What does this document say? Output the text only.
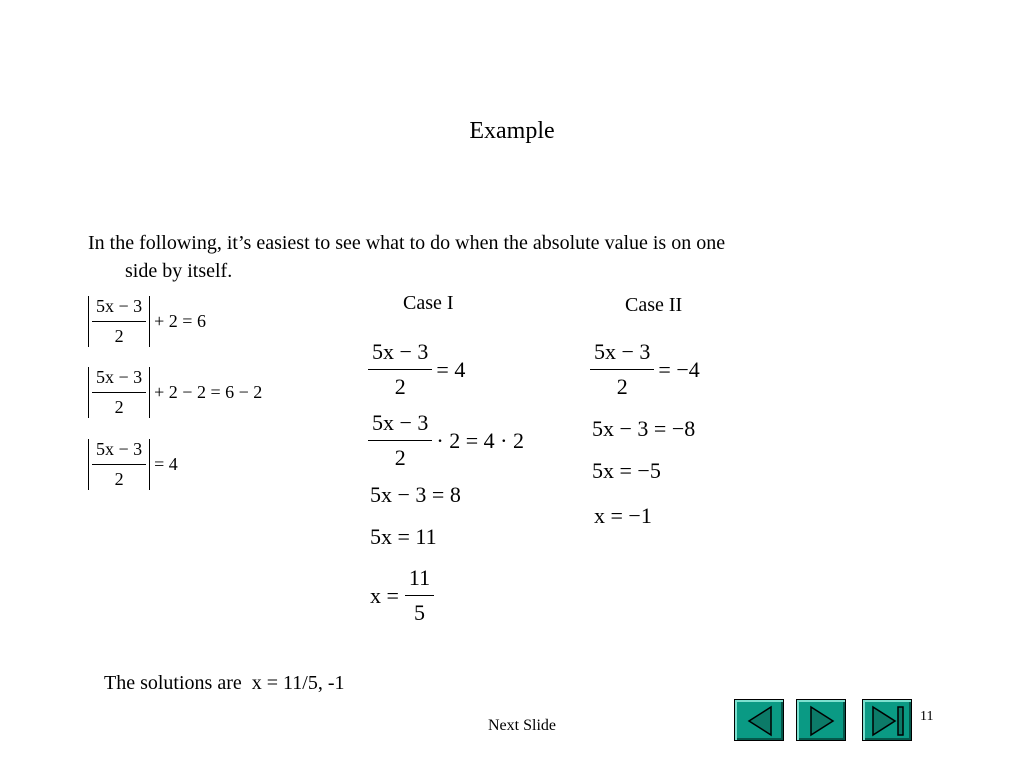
Example
In the following, it’s easiest to see what to do when the absolute value is on one
side by itself.
$\frac{5x - 3}{2} + 2 = 6$
$\frac{5x - 3}{2} + 2 - 2 = 6 - 2$
$\frac{5x - 3}{2} = 4$
Case I
$\frac{5x - 3}{2} = 4$
$\frac{5x - 3}{2} \cdot 2 = 4 \cdot 2$
5x − 3 = 8
5x = 11
$x = \frac{11}{5}$
Case II
$\frac{5x - 3}{2} = -4$
5x − 3 = −8
5x = −5
x = −1
The solutions are  x = 11/5, -1
Next Slide
11
